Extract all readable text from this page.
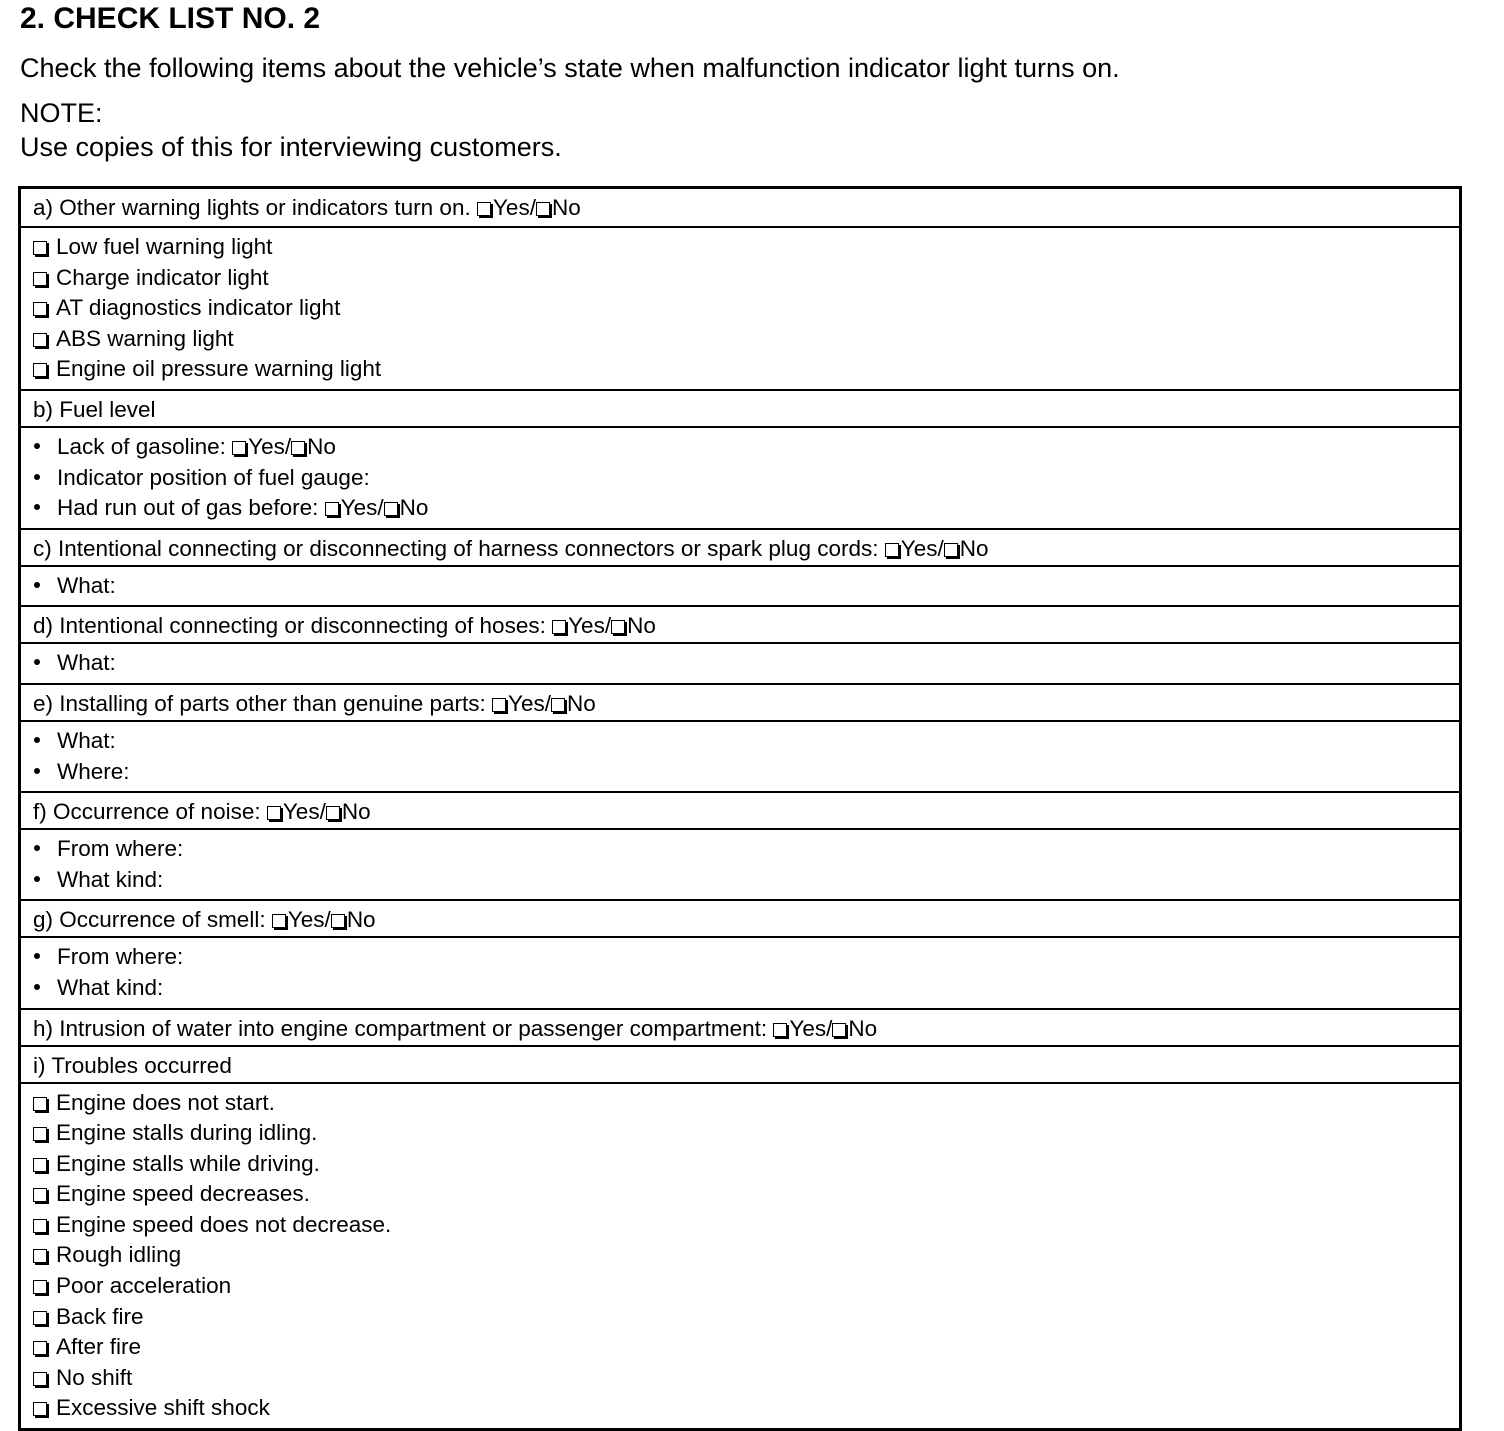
2. CHECK LIST NO. 2
Check the following items about the vehicle’s state when malfunction indicator light turns on.
NOTE:
Use copies of this for interviewing customers.
a) Other warning lights or indicators turn on. Yes/ No
Low fuel warning light
Charge indicator light
AT diagnostics indicator light
ABS warning light
Engine oil pressure warning light
b) Fuel level
Lack of gasoline: Yes/ No
Indicator position of fuel gauge:
Had run out of gas before: Yes/ No
c) Intentional connecting or disconnecting of harness connectors or spark plug cords: Yes/ No
What:
d) Intentional connecting or disconnecting of hoses: Yes/ No
What:
e) Installing of parts other than genuine parts: Yes/ No
What:
Where:
f) Occurrence of noise: Yes/ No
From where:
What kind:
g) Occurrence of smell: Yes/ No
From where:
What kind:
h) Intrusion of water into engine compartment or passenger compartment: Yes/ No
i) Troubles occurred
Engine does not start.
Engine stalls during idling.
Engine stalls while driving.
Engine speed decreases.
Engine speed does not decrease.
Rough idling
Poor acceleration
Back fire
After fire
No shift
Excessive shift shock
